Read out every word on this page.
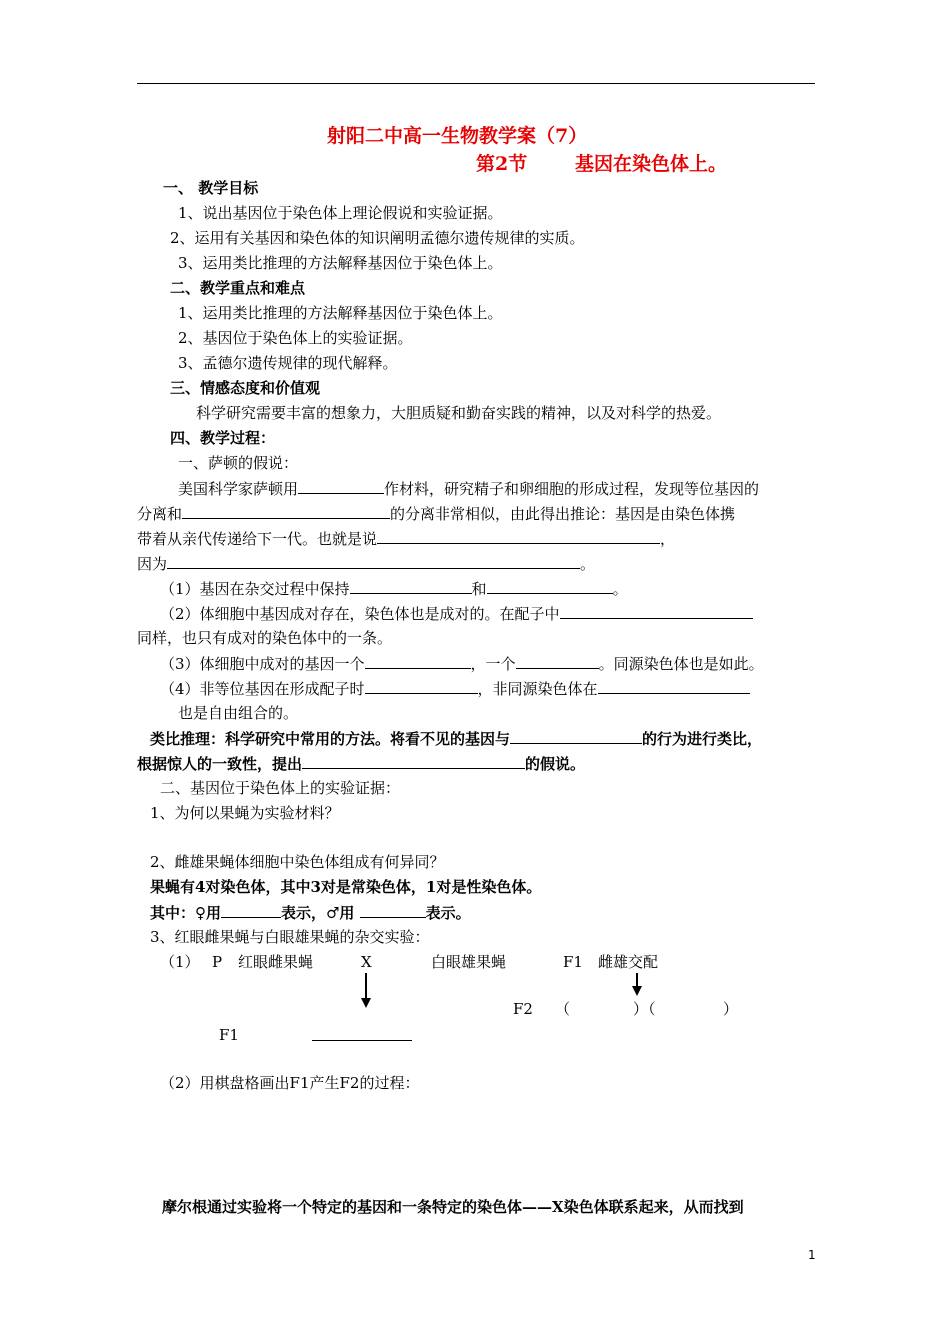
射阳二中高一生物教学案（7）
第2节	基因在染色体上。
一、 教学目标
1、说出基因位于染色体上理论假说和实验证据。
2、运用有关基因和染色体的知识阐明孟德尔遗传规律的实质。
3、运用类比推理的方法解释基因位于染色体上。
二、教学重点和难点
1、运用类比推理的方法解释基因位于染色体上。
2、基因位于染色体上的实验证据。
3、孟德尔遗传规律的现代解释。
三、情感态度和价值观
科学研究需要丰富的想象力，大胆质疑和勤奋实践的精神，以及对科学的热爱。
四、教学过程：
一、萨顿的假说：
美国科学家萨顿用	作材料，研究精子和卵细胞的形成过程，发现等位基因的
分离和	的分离非常相似，由此得出推论：基因是由染色体携
带着从亲代传递给下一代。也就是说	，
因为	。
（1）基因在杂交过程中保持	和	。
（2）体细胞中基因成对存在，染色体也是成对的。在配子中
同样，也只有成对的染色体中的一条。
（3）体细胞中成对的基因一个	，一个	。同源染色体也是如此。
（4）非等位基因在形成配子时	，非同源染色体在
也是自由组合的。
类比推理：科学研究中常用的方法。将看不见的基因与	的行为进行类比，
根据惊人的一致性，提出	的假说。
二、基因位于染色体上的实验证据：
1、为何以果蝇为实验材料？
2、雌雄果蝇体细胞中染色体组成有何异同？
果蝇有4对染色体，其中3对是常染色体，1对是性染色体。
其中：♀用	表示，♂用	表示。
3、红眼雌果蝇与白眼雄果蝇的杂交实验：
（1） P 红眼雌果蝇	X	白眼雄果蝇	F1 雌雄交配
F2 （	）（	）
F1
（2）用棋盘格画出F1产生F2的过程：
摩尔根通过实验将一个特定的基因和一条特定的染色体——X染色体联系起来，从而找到
1
